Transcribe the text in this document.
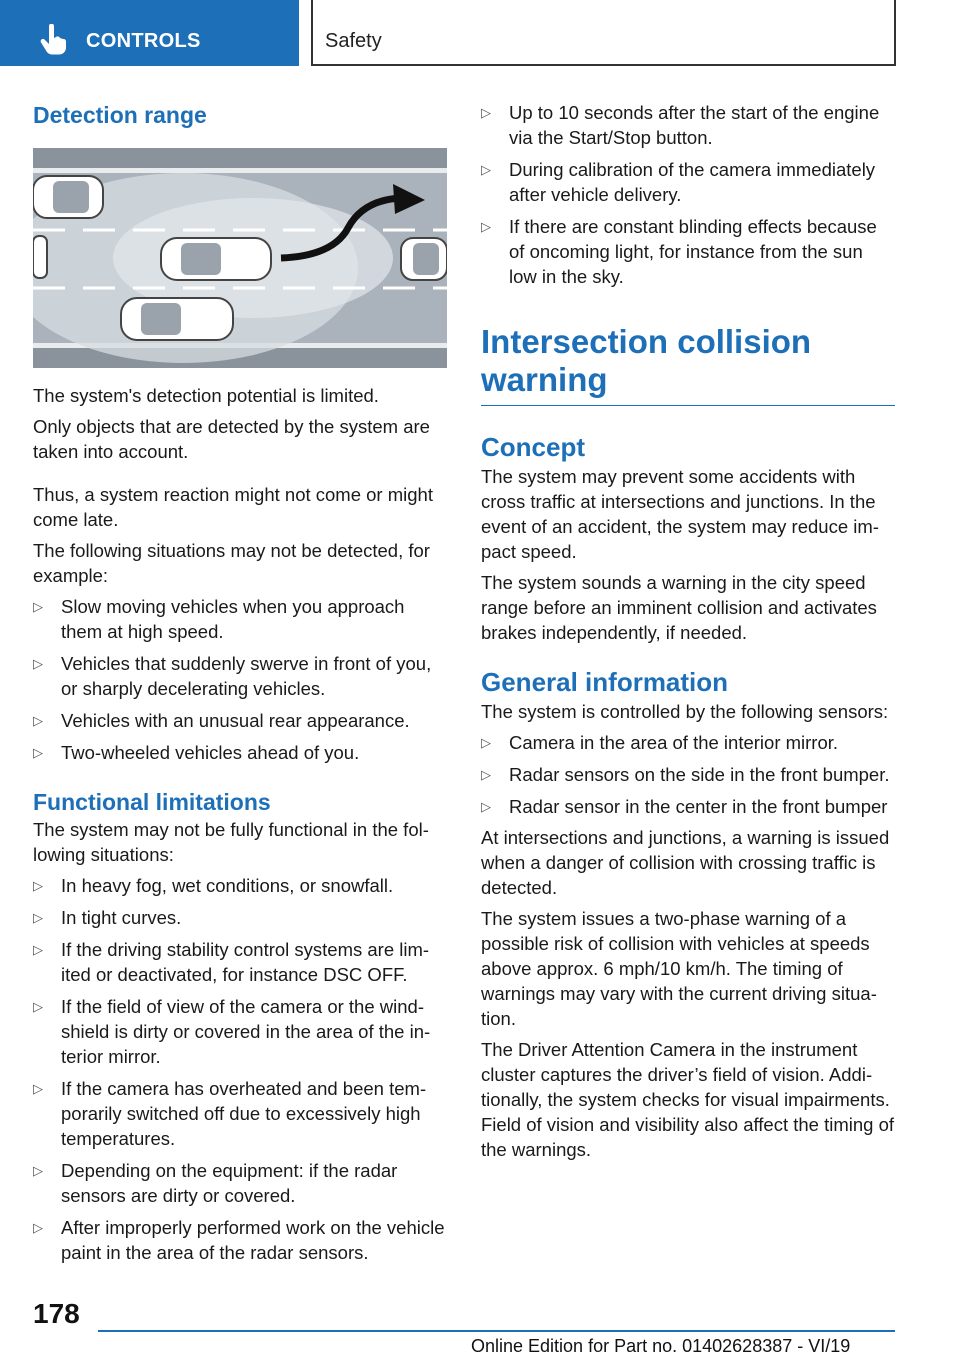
CONTROLS	Safety
Detection range

The system's detection potential is limited.

Only objects that are detected by the system are taken into account.

Thus, a system reaction might not come or might come late.

The following situations may not be detected, for example:

▷ Slow moving vehicles when you approach them at high speed.
▷ Vehicles that suddenly swerve in front of you, or sharply decelerating vehicles.
▷ Vehicles with an unusual rear appearance.
▷ Two-wheeled vehicles ahead of you.
Functional limitations

The system may not be fully functional in the following situations:

▷ In heavy fog, wet conditions, or snowfall.
▷ In tight curves.
▷ If the driving stability control systems are limited or deactivated, for instance DSC OFF.
▷ If the field of view of the camera or the windshield is dirty or covered in the area of the interior mirror.
▷ If the camera has overheated and been temporarily switched off due to excessively high temperatures.
▷ Depending on the equipment: if the radar sensors are dirty or covered.
▷ After improperly performed work on the vehicle paint in the area of the radar sensors.
▷ Up to 10 seconds after the start of the engine via the Start/Stop button.
▷ During calibration of the camera immediately after vehicle delivery.
▷ If there are constant blinding effects because of oncoming light, for instance from the sun low in the sky.
Intersection collision warning
Concept

The system may prevent some accidents with cross traffic at intersections and junctions. In the event of an accident, the system may reduce impact speed.

The system sounds a warning in the city speed range before an imminent collision and activates brakes independently, if needed.

General information

The system is controlled by the following sensors:

▷ Camera in the area of the interior mirror.
▷ Radar sensors on the side in the front bumper.
▷ Radar sensor in the center in the front bumper

At intersections and junctions, a warning is issued when a danger of collision with crossing traffic is detected.

The system issues a two-phase warning of a possible risk of collision with vehicles at speeds above approx. 6 mph/10 km/h. The timing of warnings may vary with the current driving situation.

The Driver Attention Camera in the instrument cluster captures the driver’s field of vision. Additionally, the system checks for visual impairments. Field of vision and visibility also affect the timing of the warnings.

178
Online Edition for Part no. 01402628387 - VI/19
